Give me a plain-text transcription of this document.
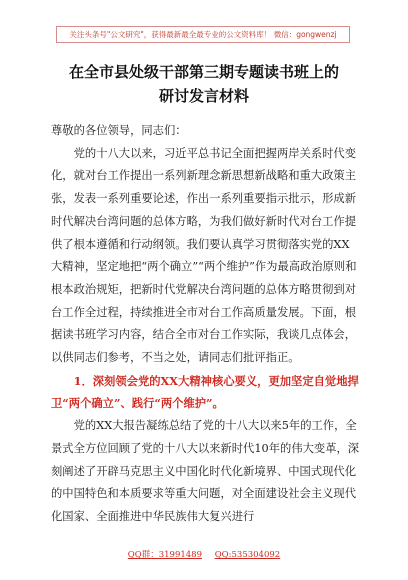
关注头条号"公文研究"，获得最新最全最专业的公文资料库！ 微信：gongwenzj
在全市县处级干部第三期专题读书班上的
研讨发言材料

尊敬的各位领导，同志们：

党的十八大以来，习近平总书记全面把握两岸关系时代变化，就对台工作提出一系列新理念新思想新战略和重大政策主张，发表一系列重要论述，作出一系列重要指示批示，形成新时代解决台湾问题的总体方略，为我们做好新时代对台工作提供了根本遵循和行动纲领。我们要认真学习贯彻落实党的XX大精神，坚定地把“两个确立”“两个维护”作为最高政治原则和根本政治规矩，把新时代党解决台湾问题的总体方略贯彻到对台工作全过程，持续推进全市对台工作高质量发展。下面，根据读书班学习内容，结合全市对台工作实际，我谈几点体会，以供同志们参考，不当之处，请同志们批评指正。

1．深刻领会党的XX大精神核心要义，更加坚定自觉地捍卫“两个确立”、践行“两个维护”。

党的XX大报告凝练总结了党的十八大以来5年的工作，全景式全方位回顾了党的十八大以来新时代10年的伟大变革，深刻阐述了开辟马克思主义中国化时代化新境界、中国式现代化的中国特色和本质要求等重大问题，对全面建设社会主义现代化国家、全面推进中华民族伟大复兴进行

QQ群：31991489 QQ:535304092
